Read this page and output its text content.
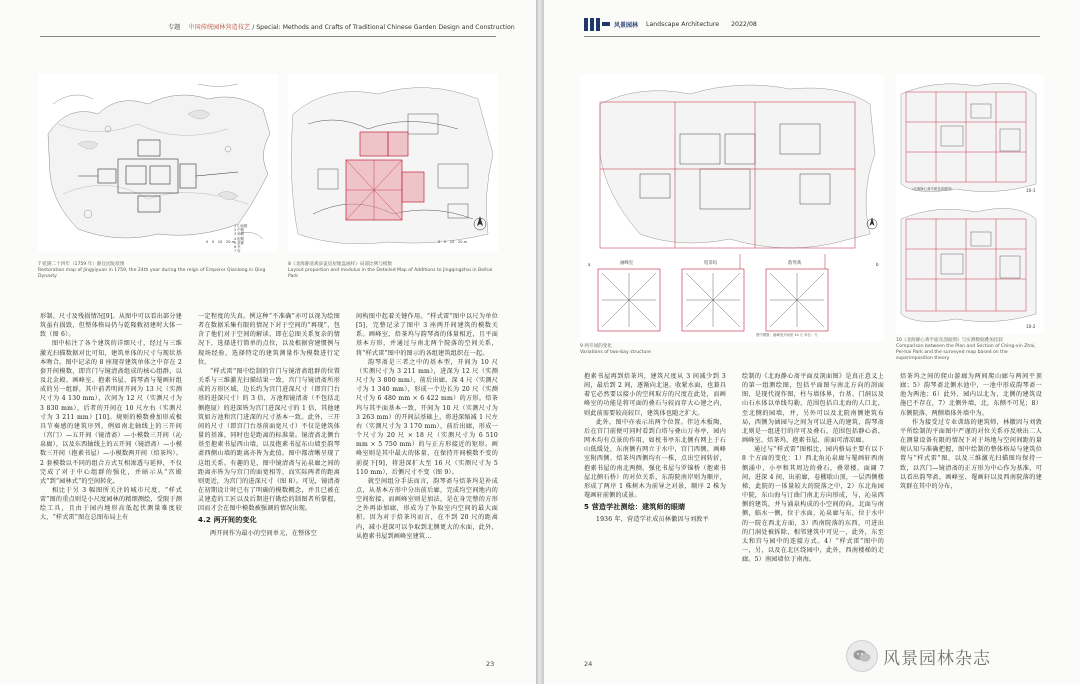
专题 中国传统园林营造技艺 / Special: Methods and Crafts of Traditional Chinese Garden Design and Construction
1 山前殿
2 中殿
3 后殿
4 配殿
5 游廊
6 亭
7 轩
0　5　10　20 m	0　5　10　20 m
7 乾隆二十四年（1759 年）静宜园复原图
Restoration map of Jingyiyuan in 1759, the 24th year during the reign of Emperor Qianlong in Qing Dynasty
8《北海静清斋添盖房屋地盘画样》局部比例与模数
Layout proportion and modulus in the Detailed Map of Additions to Jingqingzhai in Beihai Park

形制、尺寸及残损情况[9]。从图中可以看出部分建筑虽有损毁，但整体格局仍与乾隆敕初建时大体一致（图 6）。

图中标注了各个建筑的详细尺寸，经过与三维激光扫描数据对比可知，建筑单体的尺寸与现状基本吻合。图中记录的 8 座现存建筑单体之中存在 2 套开间模数，即宫门与镜清斋组成的核心组群，以及北金殿、画峰室、抱素书屋、韵琴斋与罨画轩组成的另一组群，其中前者明间开间为 13 尺（实测尺寸为 4 130 mm），次间为 12 尺（实测尺寸为 3 830 mm），后者的开间在 10 尺左右（实测尺寸为 3 211 mm）[10]。规则的模数叠加形成极具节奏感的建筑序列，例如南北轴线上的三开间（宫门）—五开间（镜清斋）—小模数三开间（沁泉廊），以及东西轴线上的五开间（镜清斋）—小模数三开间（抱素书屋）—小模数两开间（焙茶坞）。2 套模数以不同的组合方式互相渗透与延伸，不仅完成了对于中心组群的强化，并暗示从“宫殿式”到“园林式”的空间转化。

相比于另 3 幅图所关注的城市尺度，“样式雷”图的重点则是小尺度园林的精细测绘，受限于测绘工具，且由于园内地形高低起伏测量难度较大，“样式雷”图在总图布局上有

一定程度的失真。例这种“不准确”亦可以视为绘图者在数据采集有限的情况下对于空间的“再现”，包含了他们对于空间的解读，即在总图关系复杂的情况下，选择进行简单的点位，以及根据营建惯例与现场经验，选择特定的建筑测量作为模数进行定位。

“样式雷”图中绘制的宫门与镜清斋组群的位置关系与三维激光扫描结果一致，宫门与镜清斋所形成的方形区域，边长约为宫门进深尺寸（即宫门台基的进深尺寸）的 3 倍，方池和镜清斋（不包括北侧抱厦）的进深皆为宫门进深尺寸的 1 倍，其他建筑如方池和宫门进深的尺寸基本一致。此外，三开间的尺寸（即宫门台基前面宽尺寸）不仅是建筑体量的基准，同时也是距离的标准量。镜清斋北侧台基至抱素书屋西山墙，以及抱素书屋东山墙至韵琴斋西侧山墙的距离亦皆为此值。图中都清晰呈现了这组关系。有趣的是，图中镜清斋与沁泉廊之间的距离亦皆为与宫门的面宽相等，而实际两者的距离则更近，为宫门的进深尺寸（图 8）。可见，镜清斋在初期设计时已有了明确的模数概念，并且已被在灵建造的工匠以及后期进行勘绘的制图者所掌握，因而才会在图中模数被强调的情况出现。

4.2 两开间的变化

两开间作为最小的空间单元，在整体空

间构图中起着关键作用。“样式雷”图中以尺为单位[5]，完整记录了图中 3 座两开间建筑的模数关系。画峰室、焙茶坞与韵琴斋的体量相近，且平面基本方形，并通过与南北两个院落的空间关系，将“样式雷”图中的图示的各组建筑组织在一起。

韵琴斋是三者之中的基本型，开间为 10 尺（实测尺寸为 3 211 mm），进深为 12 尺（实测尺寸为 3 800 mm），前后出廊、深 4 尺（实测尺寸为 1 340 mm），形成一个边长为 20 尺（实测尺寸为 6 480 mm × 6 422 mm）的方形。焙茶坞与其平面基本一致，开间为 10 尺（实测尺寸为 3 263 mm）的开间层基础上，将进深缩减 1 尺左右（实测尺寸为 3 170 mm），前后出廊，形成一个尺寸为 20 尺 × 18 尺（实测尺寸为 6 510 mm × 5 750 mm）的与正方形接近的矩形。画峰室则是其中最大的体量，在保持开间模数不变的前提下[9]，将进深扩大至 16 尺（实测尺寸为 5 110 mm），后侧尺寸不变（图 9）。

就空间组分手法而言，韵琴斋与焙茶坞是补成点，从基本方形中分出前后廊，完成均空间地内的空间衔接。而画峰室则是加法，是在身完整的方形之外再添加廊，形成为了争取室内空间的最大面积。因为对于焙茶坞而言，在不到 20 尺的距离内，减小进深可以争取到北侧更大的水面，此外，从抱素书屋到画峰室建筑...

23
风景园林 Landscape Architecture 2022/08
画峰室	焙茶坞	韵琴斋
图中模数：画峰室开间宽 10 尺 单位：尺
a	b
《北海静心斋平面及剖面图》	10-1
10-2
9 两开间的变化
Variations of two-bay structure
10《北海静心斋平面及剖面图》与实测数据叠加比较
Comparison between the Plan and Section of Ching-xin Zhai, Pei-hai Park and the surveyed map based on the superimposition theory

抱素书屋再到焙茶坞，建筑尺度从 3 间减少到 3 间，最后到 2 间，逐渐向北退。收紧水面，也兼具着它必然要以接小的空间取方的尺度在此处，而画峰室的功能是将可面的叠石与较而存大心建之内，则此前需要较高较巨，建筑体也随之扩大。

此外，图中亦表示出两个位置。伴边木板陶，后在宫门前便可同时看到白塔与叠山万寿亭，园内网木均有点景的作用，如枕书亭东北侧有网上于石山低缓处，东南侧有网立于水中，宫门西侧、画峰室附西侧、焙茶坞西侧均有一株，点出空间转折，抱素书屋的南北两侧，强化书屋与罗锦桥（抱素书屋北侧石桥）的对位关系，东韵院南岸则为顺序，形成了两序 1 株树木为前导之对景，顺序 2 株为罨画轩前侧的成景。

5 营造学社测绘：建筑师的眼睛

1936 年，营造学社成员林徽因与刘敦平

绘制的《北海静心斋平面及剖面图》是真正意义上的第一组测绘图，包括平面图与南北方向的剖面图，是现代视作图，柱与墙体界，台基、门洞以及山石水体以单线勾勒，范围包括自北海的人口北，至北侧的园墙，并，另外可以及北院南侧建筑布局，西侧为涵园与之间为可以进入的建筑，韵琴斋北则是一组进行的岸可及叠石，范围包括静心斋、画峰室、焙茶坞、抱素书屋、前面可清凉廊。

通过与“样式雷”图相比，园内格局主要有以下 8 个方面的变化：1）西北角沁泉廊与罨画轩西南侧涌中，小亭和其周边的叠石，叠翠楼，面阔 7 间，进深 4 间，出前廊，卷棚歇山顶，一层西侧楼梯，此院的一体量较大的院落之中，2）东北角园中院，东山海与汀曲门南北方向形成，与，沁泉西侧的建筑，并与涌泉构成的小空间的向。北面与南侧，临水一侧，位于水面，沁泉廊与东，位于水中的一院在西北方面，3）西南院落的东西，可进出的门洞处被拆除，相邻建筑中可见一，此外，东至太和宫与园中的连接方式。4）“样式雷”图中的一，另，以及在北区绕园中，此外，西南楼梯的走廊。5）南园墙位于南海。

焙茶坞之间的爬山游廊为两间爬山廊与两间平顶廊；5）韵琴斋北侧水池中，一池中形成韵琴斋一池为两池；6）此外，园内以北为，北侧的建筑设施已不存在，7）北侧外墙，北，东侧不可见；8）东侧院落，两侧墙体外墙中为。

作为接受过专业训练的建筑师，林徽因与刘敦平所绘制的平面图中严谨的对位关系亦反映出二人在测量设备有限的情况下对于场地与空间间距的量规认知与准确把握，图中绘制的整体格局与建筑位置与“样式雷”图，以及三维激光扫描图均保持一致，以宫门—镜清斋的正方形为中心作为基准，可以看出韵琴斋、画峰室、罨画轩以及西南院落的建筑群在其中的分布，

风景园林杂志
24
